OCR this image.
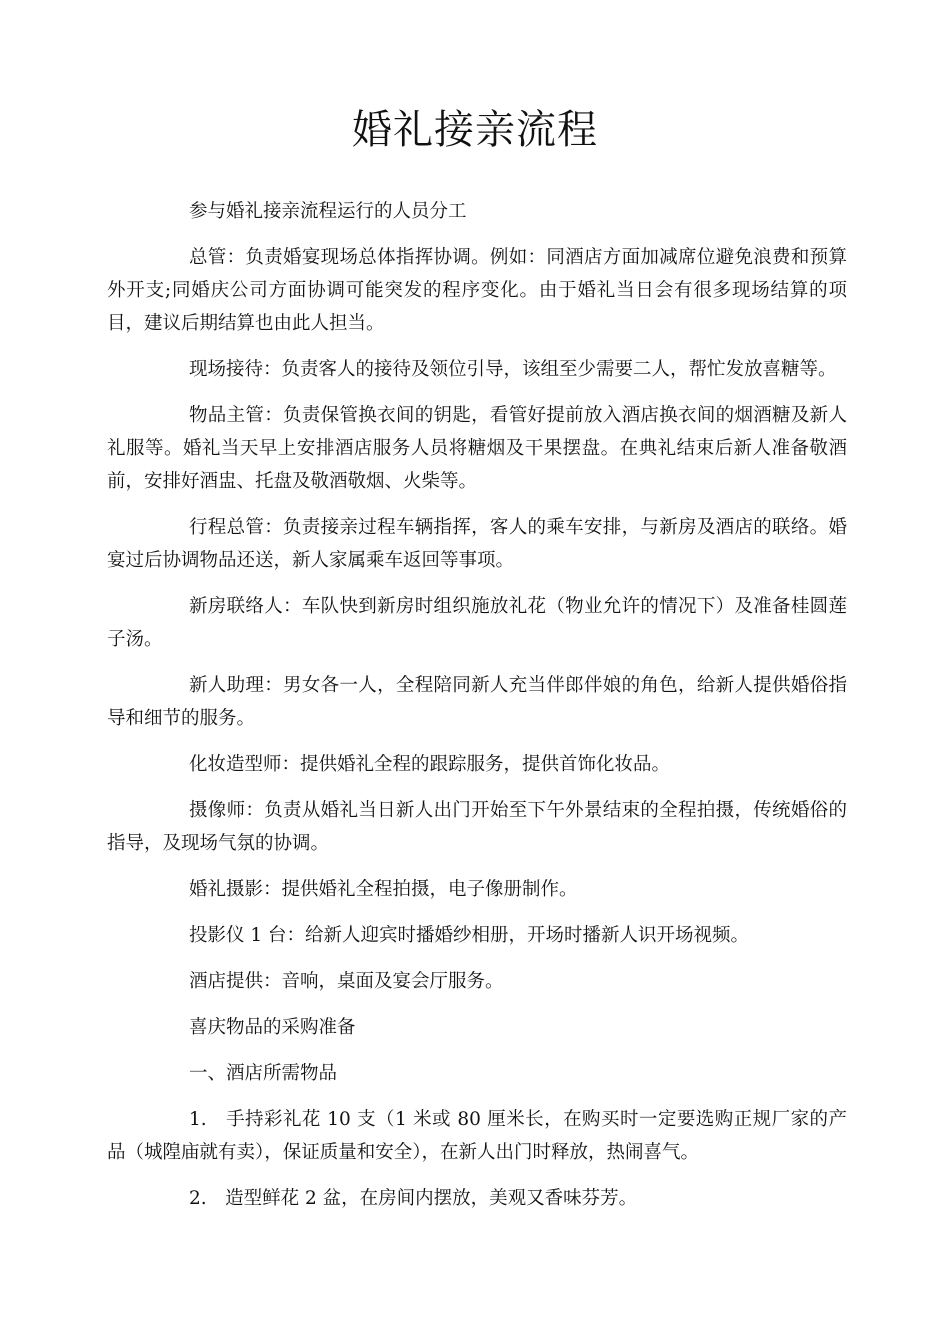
婚礼接亲流程

参与婚礼接亲流程运行的人员分工

总管：负责婚宴现场总体指挥协调。例如：同酒店方面加减席位避免浪费和预算外开支;同婚庆公司方面协调可能突发的程序变化。由于婚礼当日会有很多现场结算的项目，建议后期结算也由此人担当。

现场接待：负责客人的接待及领位引导，该组至少需要二人，帮忙发放喜糖等。

物品主管：负责保管换衣间的钥匙，看管好提前放入酒店换衣间的烟酒糖及新人礼服等。婚礼当天早上安排酒店服务人员将糖烟及干果摆盘。在典礼结束后新人准备敬酒前，安排好酒盅、托盘及敬酒敬烟、火柴等。

行程总管：负责接亲过程车辆指挥，客人的乘车安排，与新房及酒店的联络。婚宴过后协调物品还送，新人家属乘车返回等事项。

新房联络人：车队快到新房时组织施放礼花（物业允许的情况下）及准备桂圆莲子汤。

新人助理：男女各一人，全程陪同新人充当伴郎伴娘的角色，给新人提供婚俗指导和细节的服务。

化妆造型师：提供婚礼全程的跟踪服务，提供首饰化妆品。

摄像师：负责从婚礼当日新人出门开始至下午外景结束的全程拍摄，传统婚俗的指导，及现场气氛的协调。

婚礼摄影：提供婚礼全程拍摄，电子像册制作。

投影仪 1 台：给新人迎宾时播婚纱相册，开场时播新人识开场视频。

酒店提供：音响，桌面及宴会厅服务。

喜庆物品的采购准备

一、酒店所需物品

1.　手持彩礼花 10 支（1 米或 80 厘米长，在购买时一定要选购正规厂家的产品（城隍庙就有卖），保证质量和安全），在新人出门时释放，热闹喜气。

2.　造型鲜花 2 盆，在房间内摆放，美观又香味芬芳。
